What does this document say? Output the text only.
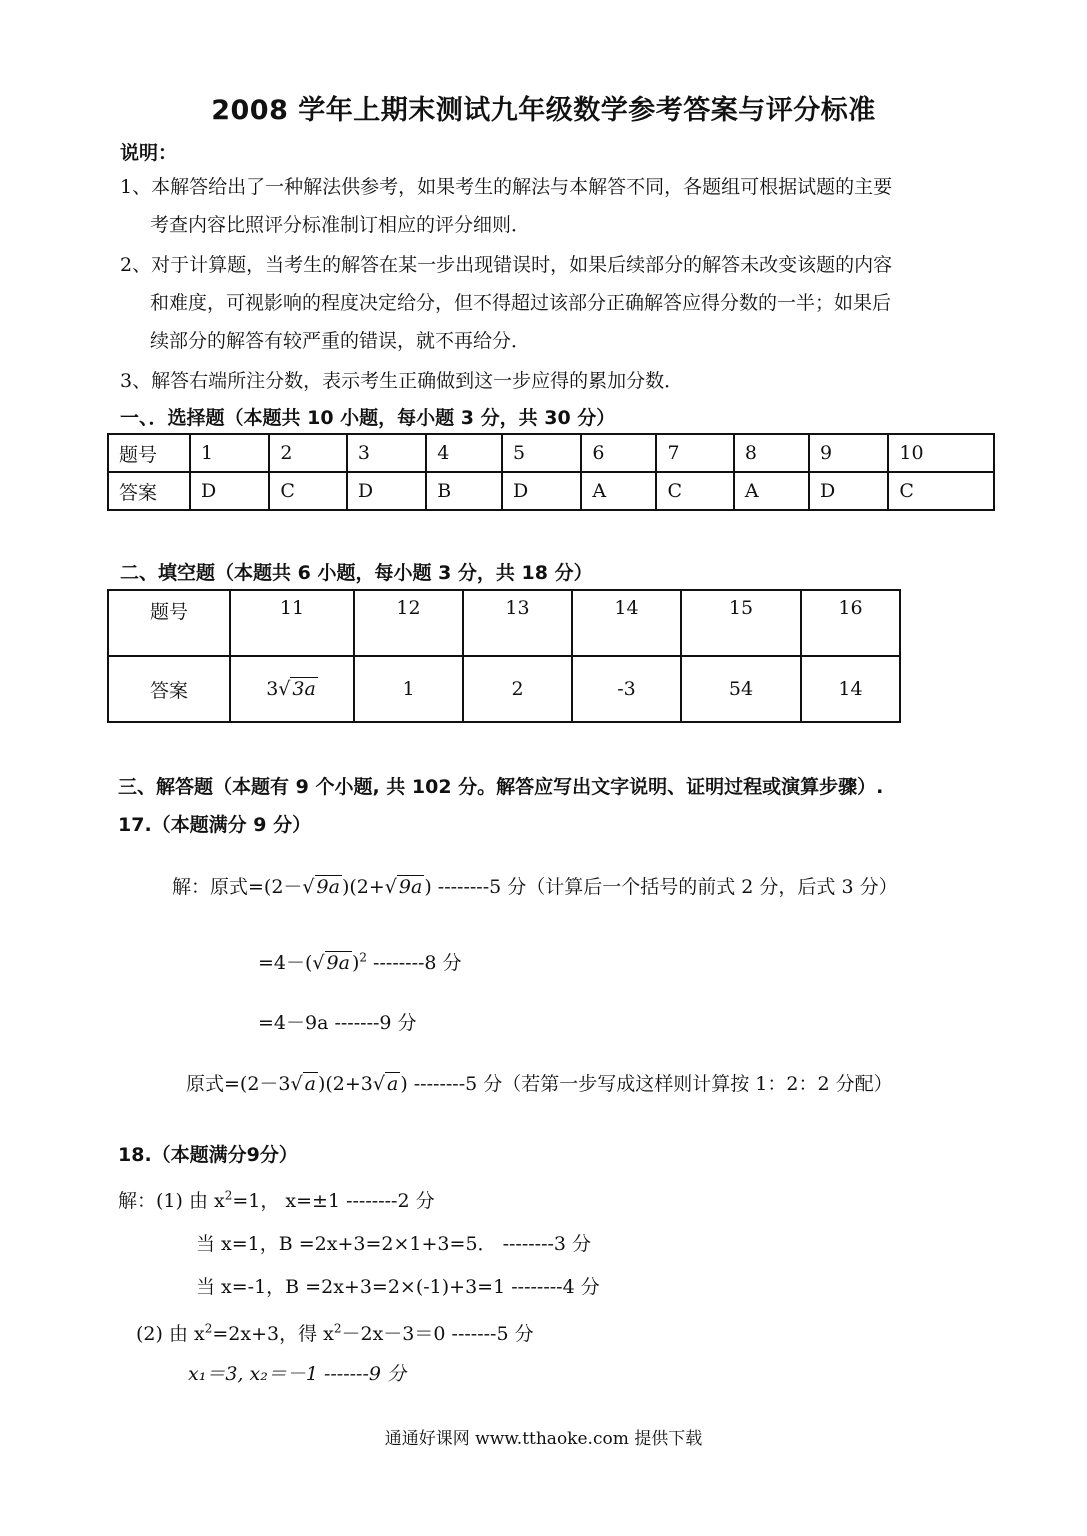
2008 学年上期末测试九年级数学参考答案与评分标准
说明：
1、本解答给出了一种解法供参考，如果考生的解法与本解答不同，各题组可根据试题的主要
考查内容比照评分标准制订相应的评分细则．
2、对于计算题，当考生的解答在某一步出现错误时，如果后续部分的解答未改变该题的内容
和难度，可视影响的程度决定给分，但不得超过该部分正确解答应得分数的一半；如果后
续部分的解答有较严重的错误，就不再给分．
3、解答右端所注分数，表示考生正确做到这一步应得的累加分数．
一、．选择题（本题共 10 小题，每小题 3 分，共 30 分）
题号	1	2	3	4	5	6	7	8	9	10
答案	D	C	D	B	D	A	C	A	D	C
二、填空题（本题共 6 小题，每小题 3 分，共 18 分）
题号	11	12	13	14	15	16
答案	3√ 3a	1	2	-3	54	14
三、解答题（本题有 9 个小题, 共 102 分。解答应写出文字说明、证明过程或演算步骤）.
17.（本题满分 9 分）
解：原式=(2－√ 9a )(2+√ 9a ) --------5 分（计算后一个括号的前式 2 分，后式 3 分）
=4－(√ 9a )$^2$ --------8 分
=4－9a -------9 分
原式=(2－3√ a )(2+3√ a ) --------5 分（若第一步写成这样则计算按 1：2：2 分配）
18.（本题满分9分）
解：(1) 由 $x^2=1$， x=±1 --------2 分
当 x=1，B =2x+3=2×1+3=5． --------3 分
当 x=-1，B =2x+3=2×(-1)+3=1 --------4 分
(2) 由 $x^2=2x+3$，得 $x^2-2x-3=0$ -------5 分
x₁＝3, x₂＝－1 -------9 分
通通好课网 www.tthaoke.com 提供下载
